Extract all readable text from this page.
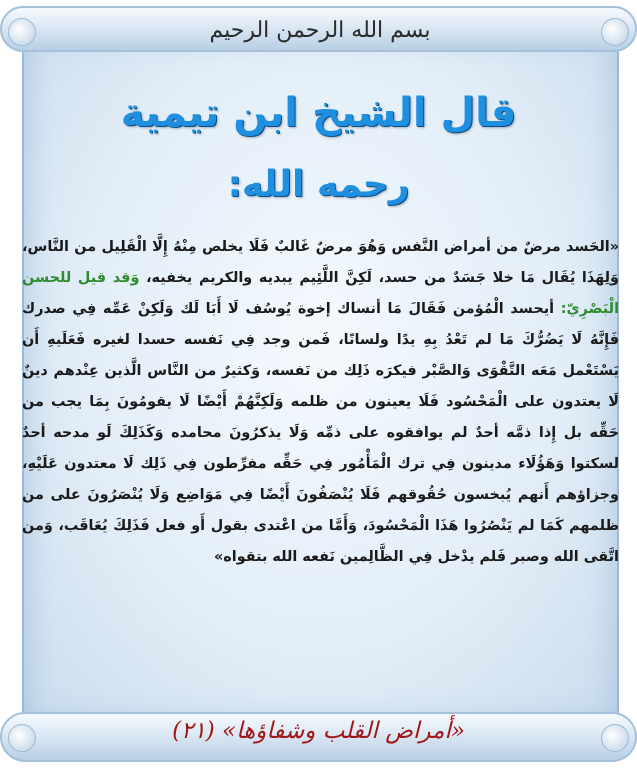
بسم الله الرحمن الرحيم
قال الشيخ ابن تيمية
رحمه الله:
«الحَسد مرضٌ من أمراض النَّفس وَهُوَ مرضٌ غَالبٌ فَلَا يخلص مِنْهُ إِلَّا الْقَلِيل من النَّاس، وَلِهَذَا يُقَال مَا خلا جَسَدٌ من حسد، لَكِنَّ اللَّئِيم يبديه والكريم يخفيه، وَقد قيل للحسن الْبَصْرِيّ: أيحسد الْمُؤمن فَقَالَ مَا أنساك إخوة يُوسُف لَا أَبَا لَك وَلَكِنْ عَمِّه فِي صدرك فَإِنَّهُ لَا يَضُرُّكَ مَا لم تَعْدُ بِهِ يدًا ولسانًا، فَمن وجد فِي نَفسه حسدا لغيره فَعَلَيهِ أَن يَسْتَعْمل مَعَه التَّقْوَى وَالصَّبْر فيكرَه ذَلِك من نَفسه، وَكثيرٌ من النَّاس الَّذين عِنْدهم دينٌ لَا يعتدون على الْمَحْسُود فَلَا يعينون من ظلمه وَلَكِنَّهُمْ أَيْضًا لَا يقومُونَ بِمَا يجب من حَقِّه بل إِذا ذمَّه أحدٌ لم يوافقوه على ذمِّه وَلَا يذكرُونَ محامده وَكَذَلِكَ لَو مدحه أحدٌ لسكتوا وَهَؤُلَاء مدينون فِي ترك الْمَأْمُور فِي حَقِّه مفرِّطون فِي ذَلِك لَا معتدون عَلَيْهِ، وجزاؤهم أَنهم يُبخسون حُقُوقهم فَلَا يُنْصَفُونَ أَيْضًا فِي مَوَاضِع وَلَا يُنْصَرُونَ على من ظلمهم كَمَا لم يَنْصُرُوا هَذَا الْمَحْسُودَ، وَأَمَّا من اعْتدى بقول أَو فعل فَذَلِكَ يُعَاقَب، وَمن اتَّقى الله وصبر فَلم يدْخل فِي الظَّالِمين نَفعه الله بتقواه»
«أمراض القلب وشفاؤها» (٢١)
